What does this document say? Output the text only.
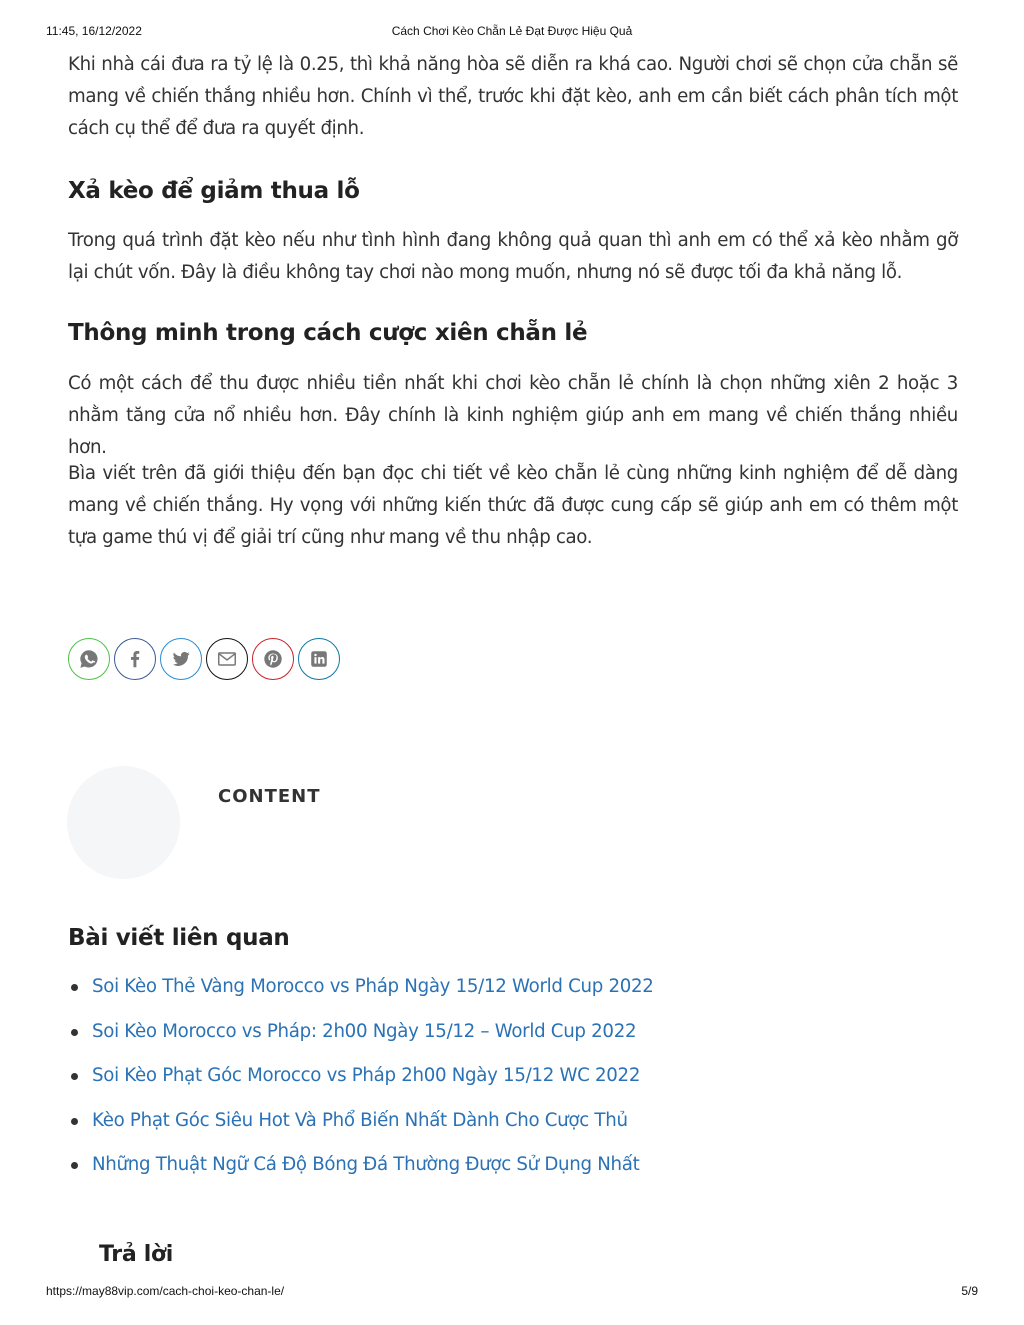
11:45, 16/12/2022	Cách Chơi Kèo Chẵn Lẻ Đạt Được Hiệu Quả

Khi nhà cái đưa ra tỷ lệ là 0.25, thì khả năng hòa sẽ diễn ra khá cao. Người chơi sẽ chọn cửa chẵn sẽ mang về chiến thắng nhiều hơn. Chính vì thể, trước khi đặt kèo, anh em cần biết cách phân tích một cách cụ thể để đưa ra quyết định.

Xả kèo để giảm thua lỗ

Trong quá trình đặt kèo nếu như tình hình đang không quả quan thì anh em có thể xả kèo nhằm gỡ lại chút vốn. Đây là điều không tay chơi nào mong muốn, nhưng nó sẽ được tối đa khả năng lỗ.

Thông minh trong cách cược xiên chẵn lẻ

Có một cách để thu được nhiều tiền nhất khi chơi kèo chẵn lẻ chính là chọn những xiên 2 hoặc 3 nhằm tăng cửa nổ nhiều hơn. Đây chính là kinh nghiệm giúp anh em mang về chiến thắng nhiều hơn.

Bìa viết trên đã giới thiệu đến bạn đọc chi tiết về kèo chẵn lẻ cùng những kinh nghiệm để dễ dàng mang về chiến thắng. Hy vọng với những kiến thức đã được cung cấp sẽ giúp anh em có thêm một tựa game thú vị để giải trí cũng như mang về thu nhập cao.

CONTENT
Bài viết liên quan
Soi Kèo Thẻ Vàng Morocco vs Pháp Ngày 15/12 World Cup 2022
Soi Kèo Morocco vs Pháp: 2h00 Ngày 15/12 – World Cup 2022
Soi Kèo Phạt Góc Morocco vs Pháp 2h00 Ngày 15/12 WC 2022
Kèo Phạt Góc Siêu Hot Và Phổ Biến Nhất Dành Cho Cược Thủ
Những Thuật Ngữ Cá Độ Bóng Đá Thường Được Sử Dụng Nhất
Trả lời
https://may88vip.com/cach-choi-keo-chan-le/	5/9
